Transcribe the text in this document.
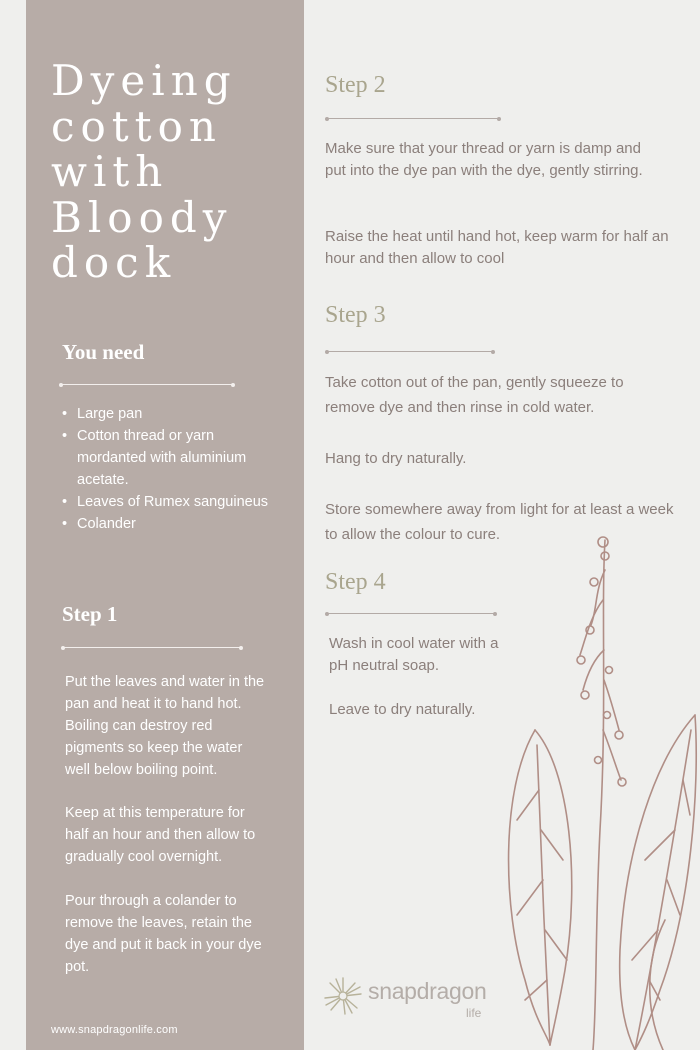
Dyeing
cotton
with
Bloody
dock
You need
• Large pan
• Cotton thread or yarn mordanted with aluminium acetate.
• Leaves of Rumex sanguineus
• Colander
Step 1

Put the leaves and water in the pan and heat it to hand hot. Boiling can destroy red pigments so keep the water well below boiling point.

Keep at this temperature for half an hour and then allow to gradually cool overnight.

Pour through a colander to remove the leaves, retain the dye and put it back in your dye pot.

www.snapdragonlife.com
Step 2

Make sure that your thread or yarn is damp and put into the dye pan with the dye, gently stirring.

Raise the heat until hand hot, keep warm for half an hour and then allow to cool

Step 3

Take cotton out of the pan, gently squeeze to remove dye and then rinse in cold water.

Hang to dry naturally.

Store somewhere away from light for at least a week to allow the colour to cure.

Step 4

Wash in cool water with a pH neutral soap.

Leave to dry naturally.

snapdragon
life
